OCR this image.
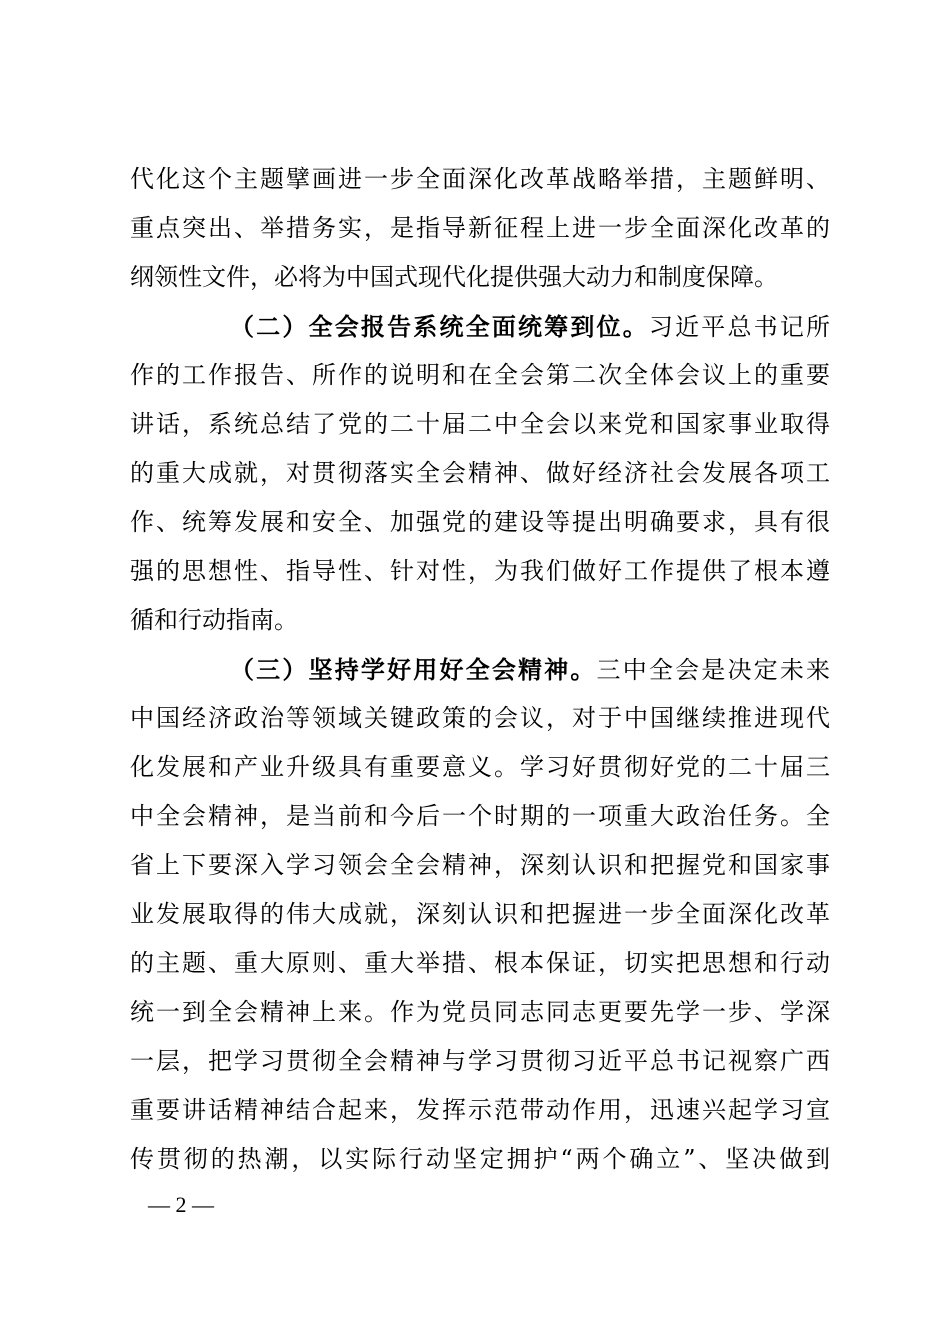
代化这个主题擘画进一步全面深化改革战略举措，主题鲜明、
重点突出、举措务实，是指导新征程上进一步全面深化改革的
纲领性文件，必将为中国式现代化提供强大动力和制度保障。
（二）全会报告系统全面统筹到位。习近平总书记所
作的工作报告、所作的说明和在全会第二次全体会议上的重要
讲话，系统总结了党的二十届二中全会以来党和国家事业取得
的重大成就，对贯彻落实全会精神、做好经济社会发展各项工
作、统筹发展和安全、加强党的建设等提出明确要求，具有很
强的思想性、指导性、针对性，为我们做好工作提供了根本遵
循和行动指南。
（三）坚持学好用好全会精神。三中全会是决定未来
中国经济政治等领域关键政策的会议，对于中国继续推进现代
化发展和产业升级具有重要意义。学习好贯彻好党的二十届三
中全会精神，是当前和今后一个时期的一项重大政治任务。全
省上下要深入学习领会全会精神，深刻认识和把握党和国家事
业发展取得的伟大成就，深刻认识和把握进一步全面深化改革
的主题、重大原则、重大举措、根本保证，切实把思想和行动
统一到全会精神上来。作为党员同志同志更要先学一步、学深
一层，把学习贯彻全会精神与学习贯彻习近平总书记视察广西
重要讲话精神结合起来，发挥示范带动作用，迅速兴起学习宣
传贯彻的热潮，以实际行动坚定拥护“两个确立”、坚决做到
— 2 —
